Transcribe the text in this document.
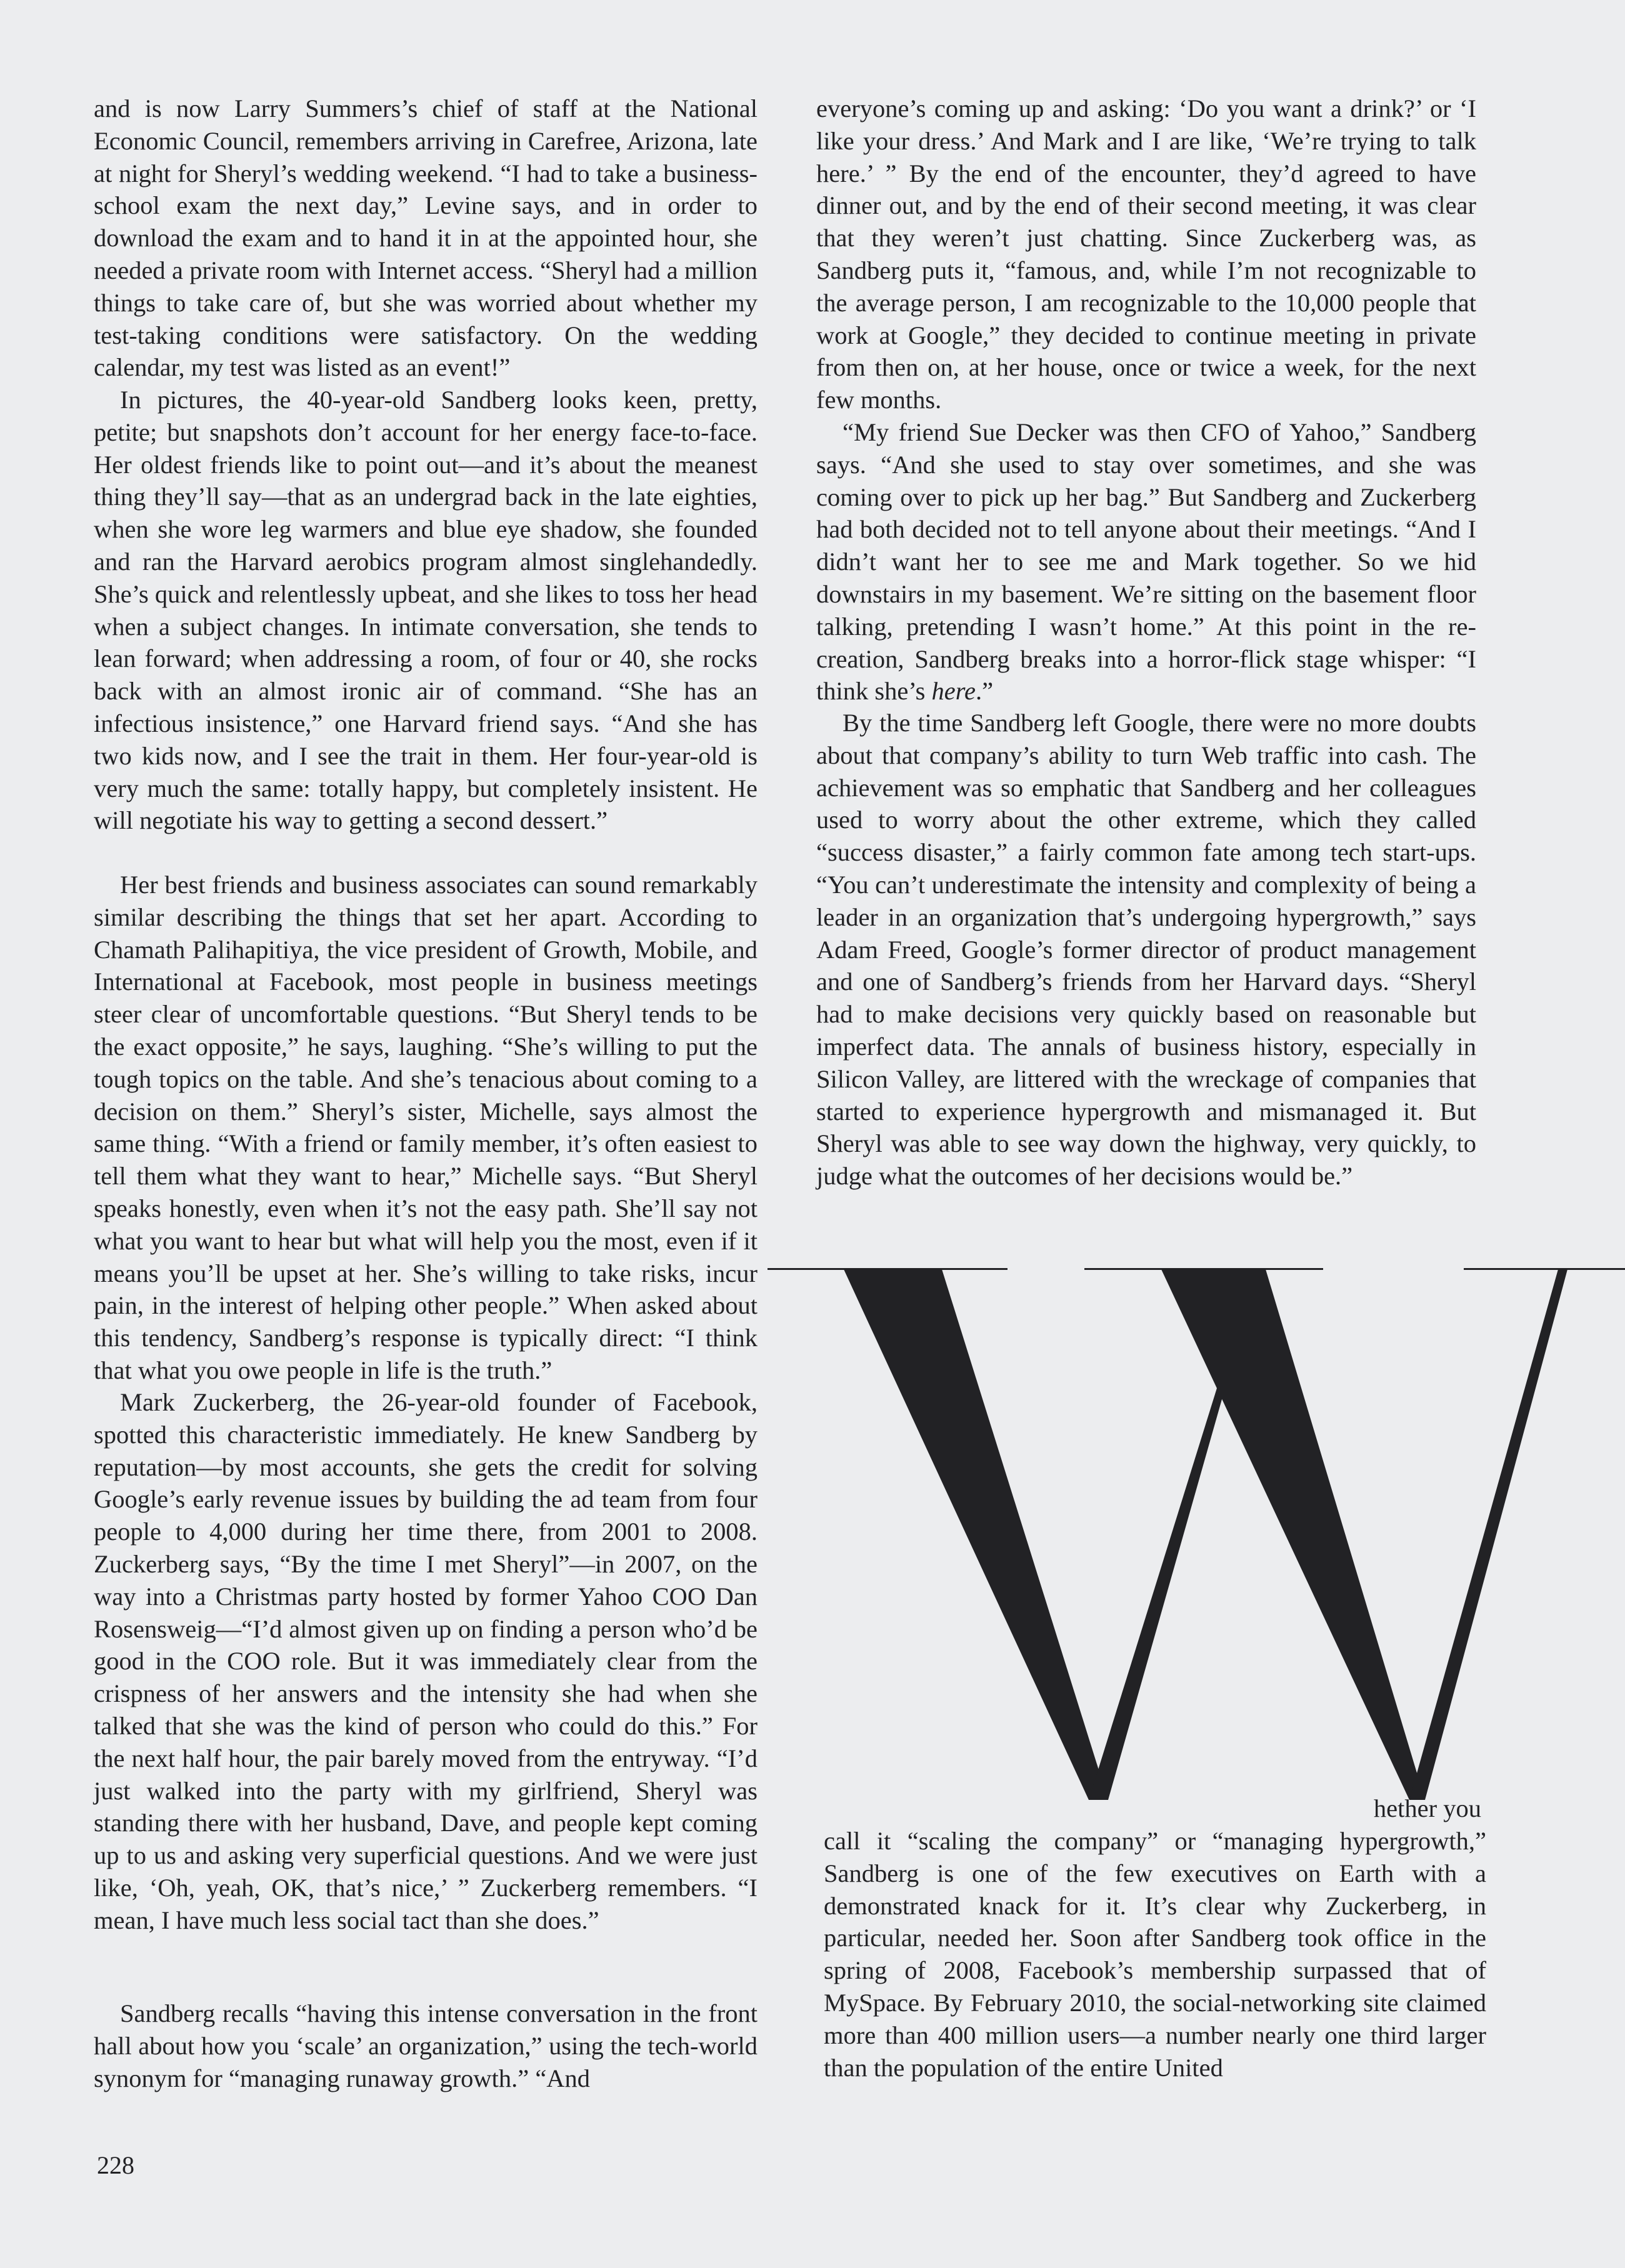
and is now Larry Summers’s chief of staff at the National Economic Council, remembers arriving in Carefree, Arizona, late at night for Sheryl’s wedding weekend. “I had to take a business-school exam the next day,” Levine says, and in order to download the exam and to hand it in at the appointed hour, she needed a private room with Internet access. “Sheryl had a million things to take care of, but she was worried about whether my test-taking conditions were satisfactory. On the wedding calendar, my test was listed as an event!”

In pictures, the 40-year-old Sandberg looks keen, pretty, petite; but snapshots don’t account for her energy face-to-face. Her oldest friends like to point out—and it’s about the meanest thing they’ll say—that as an undergrad back in the late eighties, when she wore leg warmers and blue eye shadow, she founded and ran the Harvard aerobics program almost singlehandedly. She’s quick and relentlessly upbeat, and she likes to toss her head when a subject changes. In intimate conversation, she tends to lean forward; when addressing a room, of four or 40, she rocks back with an almost ironic air of command. “She has an infectious insistence,” one Harvard friend says. “And she has two kids now, and I see the trait in them. Her four-year-old is very much the same: totally happy, but completely insistent. He will negotiate his way to getting a second dessert.”

Her best friends and business associates can sound remarkably similar describing the things that set her apart. According to Chamath Palihapitiya, the vice president of Growth, Mobile, and International at Facebook, most people in business meetings steer clear of uncomfortable questions. “But Sheryl tends to be the exact opposite,” he says, laughing. “She’s willing to put the tough topics on the table. And she’s tenacious about coming to a decision on them.” Sheryl’s sister, Michelle, says almost the same thing. “With a friend or family member, it’s often easiest to tell them what they want to hear,” Michelle says. “But Sheryl speaks honestly, even when it’s not the easy path. She’ll say not what you want to hear but what will help you the most, even if it means you’ll be upset at her. She’s willing to take risks, incur pain, in the interest of helping other people.” When asked about this tendency, Sandberg’s response is typically direct: “I think that what you owe people in life is the truth.”

Mark Zuckerberg, the 26-year-old founder of Facebook, spotted this characteristic immediately. He knew Sandberg by reputation—by most accounts, she gets the credit for solving Google’s early revenue issues by building the ad team from four people to 4,000 during her time there, from 2001 to 2008. Zuckerberg says, “By the time I met Sheryl”—in 2007, on the way into a Christmas party hosted by former Yahoo COO Dan Rosensweig—“I’d almost given up on finding a person who’d be good in the COO role. But it was immediately clear from the crispness of her answers and the intensity she had when she talked that she was the kind of person who could do this.” For the next half hour, the pair barely moved from the entryway. “I’d just walked into the party with my girlfriend, Sheryl was standing there with her husband, Dave, and people kept coming up to us and asking very superficial questions. And we were just like, ‘Oh, yeah, OK, that’s nice,’ ” Zuckerberg remembers. “I mean, I have much less social tact than she does.”

Sandberg recalls “having this intense conversation in the front hall about how you ‘scale’ an organization,” using the tech-world synonym for “managing runaway growth.” “And

everyone’s coming up and asking: ‘Do you want a drink?’ or ‘I like your dress.’ And Mark and I are like, ‘We’re trying to talk here.’ ” By the end of the encounter, they’d agreed to have dinner out, and by the end of their second meeting, it was clear that they weren’t just chatting. Since Zuckerberg was, as Sandberg puts it, “famous, and, while I’m not recognizable to the average person, I am recognizable to the 10,000 people that work at Google,” they decided to continue meeting in private from then on, at her house, once or twice a week, for the next few months.

“My friend Sue Decker was then CFO of Yahoo,” Sandberg says. “And she used to stay over sometimes, and she was coming over to pick up her bag.” But Sandberg and Zuckerberg had both decided not to tell anyone about their meetings. “And I didn’t want her to see me and Mark together. So we hid downstairs in my basement. We’re sitting on the basement floor talking, pretending I wasn’t home.” At this point in the re-creation, Sandberg breaks into a horror-flick stage whisper: “I think she’s here.”

By the time Sandberg left Google, there were no more doubts about that company’s ability to turn Web traffic into cash. The achievement was so emphatic that Sandberg and her colleagues used to worry about the other extreme, which they called “success disaster,” a fairly common fate among tech start-ups. “You can’t underestimate the intensity and complexity of being a leader in an organization that’s undergoing hypergrowth,” says Adam Freed, Google’s former director of product management and one of Sandberg’s friends from her Harvard days. “Sheryl had to make decisions very quickly based on reasonable but imperfect data. The annals of business history, especially in Silicon Valley, are littered with the wreckage of companies that started to experience hypergrowth and mismanaged it. But Sheryl was able to see way down the highway, very quickly, to judge what the outcomes of her decisions would be.”

hether you

call it “scaling the company” or “managing hypergrowth,” Sandberg is one of the few executives on Earth with a demonstrated knack for it. It’s clear why Zuckerberg, in particular, needed her. Soon after Sandberg took office in the spring of 2008, Facebook’s membership surpassed that of MySpace. By February 2010, the social-networking site claimed more than 400 million users—a number nearly one third larger than the population of the entire United

228
